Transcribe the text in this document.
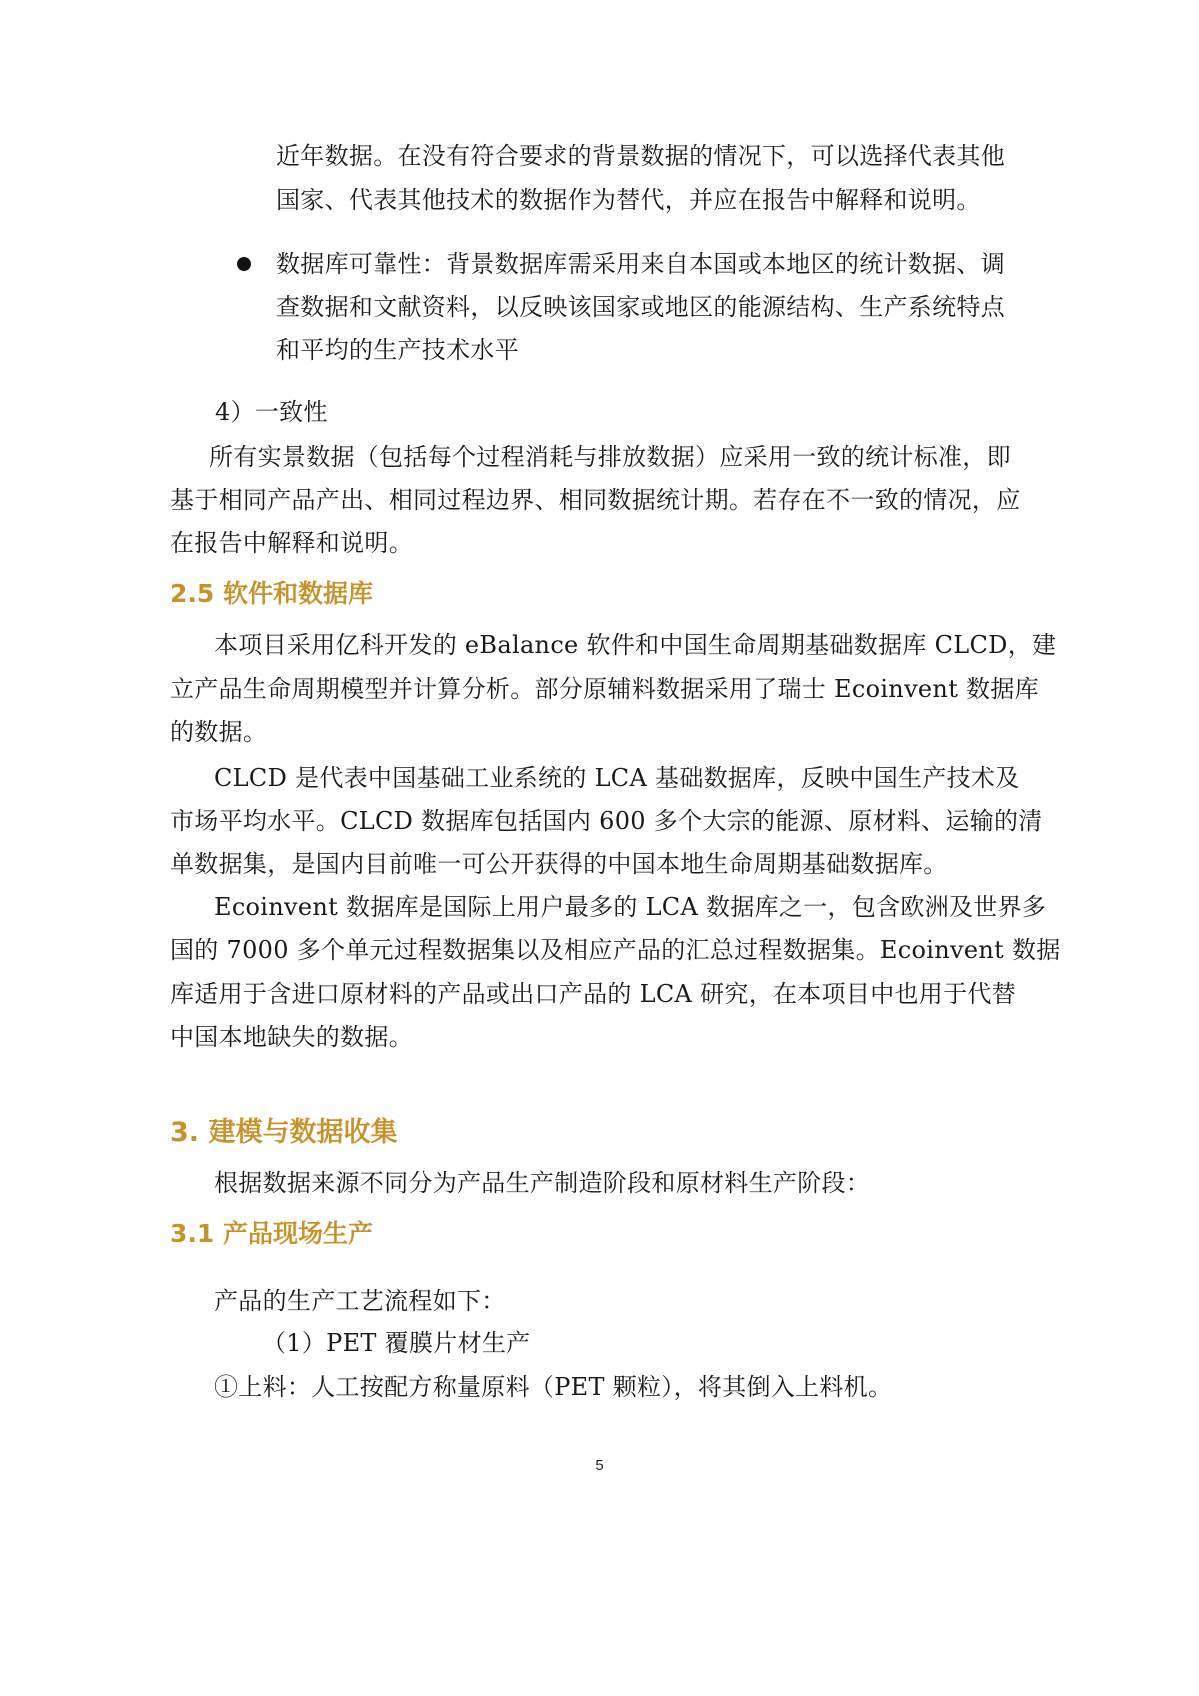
近年数据。在没有符合要求的背景数据的情况下，可以选择代表其他
国家、代表其他技术的数据作为替代，并应在报告中解释和说明。
数据库可靠性：背景数据库需采用来自本国或本地区的统计数据、调
查数据和文献资料，以反映该国家或地区的能源结构、生产系统特点
和平均的生产技术水平
4）一致性
所有实景数据（包括每个过程消耗与排放数据）应采用一致的统计标准，即
基于相同产品产出、相同过程边界、相同数据统计期。若存在不一致的情况，应
在报告中解释和说明。
2.5 软件和数据库
本项目采用亿科开发的 eBalance 软件和中国生命周期基础数据库 CLCD，建
立产品生命周期模型并计算分析。部分原辅料数据采用了瑞士 Ecoinvent 数据库
的数据。
CLCD 是代表中国基础工业系统的 LCA 基础数据库，反映中国生产技术及
市场平均水平。CLCD 数据库包括国内 600 多个大宗的能源、原材料、运输的清
单数据集，是国内目前唯一可公开获得的中国本地生命周期基础数据库。
Ecoinvent 数据库是国际上用户最多的 LCA 数据库之一，包含欧洲及世界多
国的 7000 多个单元过程数据集以及相应产品的汇总过程数据集。Ecoinvent 数据
库适用于含进口原材料的产品或出口产品的 LCA 研究，在本项目中也用于代替
中国本地缺失的数据。
3. 建模与数据收集
根据数据来源不同分为产品生产制造阶段和原材料生产阶段：
3.1 产品现场生产
产品的生产工艺流程如下：
（1）PET 覆膜片材生产
①上料：人工按配方称量原料（PET 颗粒），将其倒入上料机。
5
